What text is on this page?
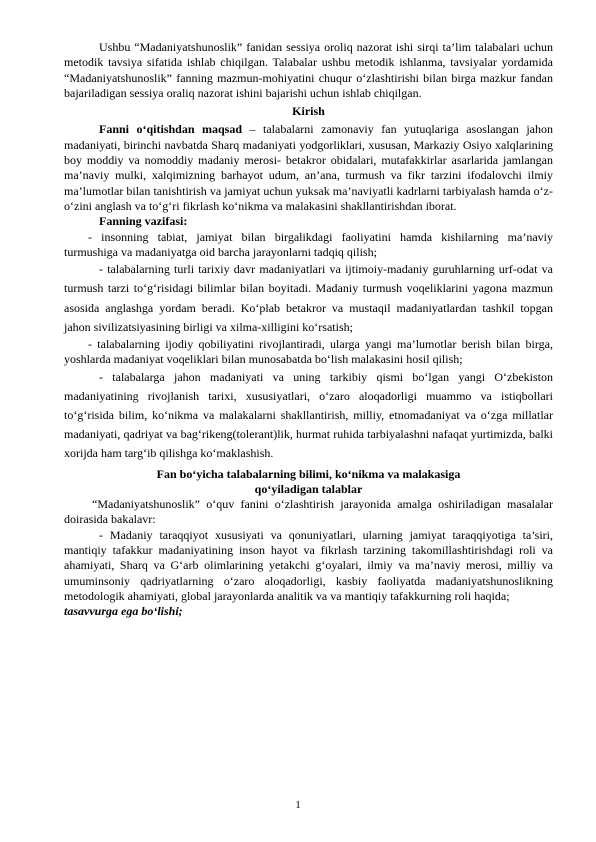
Ushbu “Madaniyatshunoslik” fanidan sessiya oroliq nazorat ishi sirqi ta’lim talabalari uchun metodik tavsiya sifatida ishlab chiqilgan. Talabalar ushbu metodik ishlanma, tavsiyalar yordamida “Madaniyatshunoslik” fanning mazmun-mohiyatini chuqur o‘zlashtirishi bilan birga mazkur fandan bajariladigan sessiya oraliq nazorat ishini bajarishi uchun ishlab chiqilgan.

Kirish

Fanni o‘qitishdan maqsad – talabalarni zamonaviy fan yutuqlariga asoslangan jahon madaniyati, birinchi navbatda Sharq madaniyati yodgorliklari, xususan, Markaziy Osiyo xalqlarining boy moddiy va nomoddiy madaniy merosi- betakror obidalari, mutafakkirlar asarlarida jamlangan ma’naviy mulki, xalqimizning barhayot udum, an’ana, turmush va fikr tarzini ifodalovchi ilmiy ma’lumotlar bilan tanishtirish va jamiyat uchun yuksak ma’naviyatli kadrlarni tarbiyalash hamda o‘z-o‘zini anglash va to‘g‘ri fikrlash ko‘nikma va malakasini shakllantirishdan iborat.

Fanning vazifasi:

- insonning tabiat, jamiyat bilan birgalikdagi faoliyatini hamda kishilarning ma’naviy turmushiga va madaniyatga oid barcha jarayonlarni tadqiq qilish;

- talabalarning turli tarixiy davr madaniyatlari va ijtimoiy-madaniy guruhlarning urf-odat va turmush tarzi to‘g‘risidagi bilimlar bilan boyitadi. Madaniy turmush voqeliklarini yagona mazmun asosida anglashga yordam beradi. Ko‘plab betakror va mustaqil madaniyatlardan tashkil topgan jahon sivilizatsiyasining birligi va xilma-xilligini ko‘rsatish;

- talabalarning ijodiy qobiliyatini rivojlantiradi, ularga yangi ma’lumotlar berish bilan birga, yoshlarda madaniyat voqeliklari bilan munosabatda bo‘lish malakasini hosil qilish;

- talabalarga jahon madaniyati va uning tarkibiy qismi bo‘lgan yangi O‘zbekiston madaniyatining rivojlanish tarixi, xususiyatlari, o‘zaro aloqadorligi muammo va istiqbollari to‘g‘risida bilim, ko‘nikma va malakalarni shakllantirish, milliy, etnomadaniyat va o‘zga millatlar madaniyati, qadriyat va bag‘rikeng(tolerant)lik, hurmat ruhida tarbiyalashni nafaqat yurtimizda, balki xorijda ham targ‘ib qilishga ko‘maklashish.

Fan bo‘yicha talabalarning bilimi, ko‘nikma va malakasiga

qo‘yiladigan talablar

“Madaniyatshunoslik” o‘quv fanini o‘zlashtirish jarayonida amalga oshiriladigan masalalar doirasida bakalavr:

- Madaniy taraqqiyot xususiyati va qonuniyatlari, ularning jamiyat taraqqiyotiga ta’siri, mantiqiy tafakkur madaniyatining inson hayot va fikrlash tarzining takomillashtirishdagi roli va ahamiyati, Sharq va G‘arb olimlarining yetakchi g‘oyalari, ilmiy va ma’naviy merosi, milliy va umuminsoniy qadriyatlarning o‘zaro aloqadorligi, kasbiy faoliyatda madaniyatshunoslikning metodologik ahamiyati, global jarayonlarda analitik va va mantiqiy tafakkurning roli haqida;

tasavvurga ega bo‘lishi;

1
